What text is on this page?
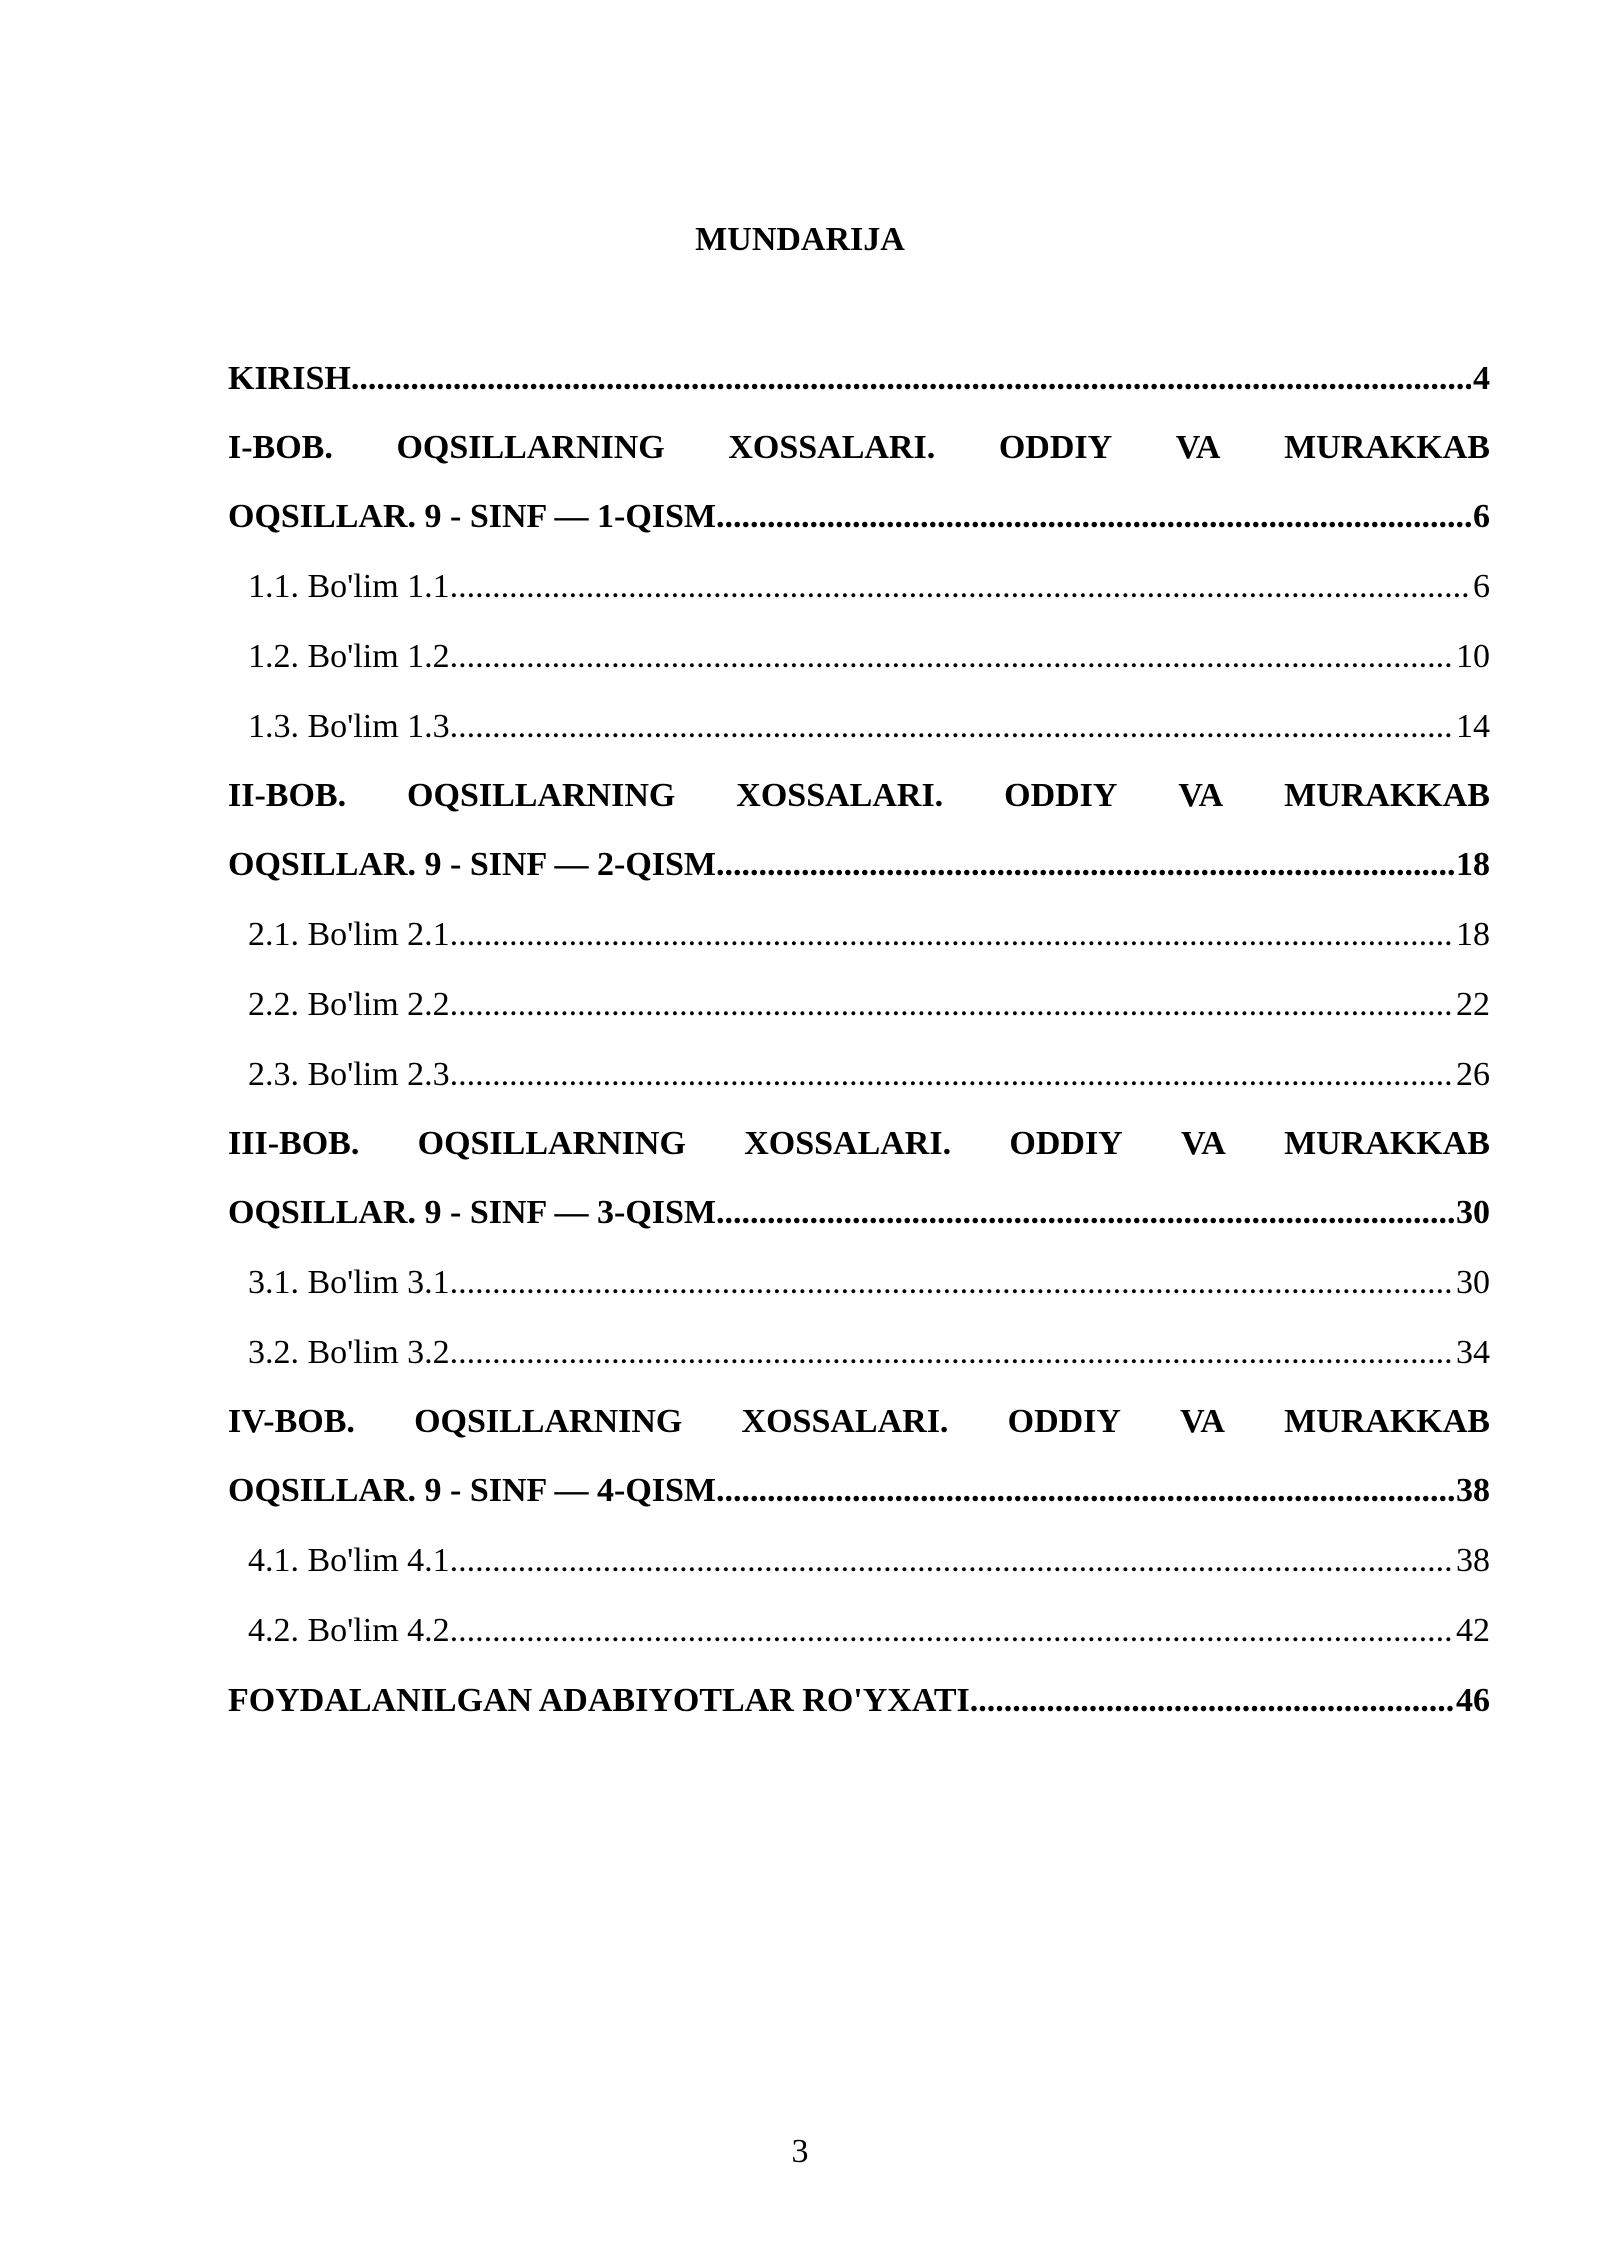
MUNDARIJA
KIRISH .....	4
I-BOB. OQSILLARNING XOSSALARI. ODDIY VA MURAKKAB
OQSILLAR. 9 - SINF — 1-QISM .....	6
1.1. Bo'lim 1.1 .....	6
1.2. Bo'lim 1.2 .....	10
1.3. Bo'lim 1.3 .....	14
II-BOB. OQSILLARNING XOSSALARI. ODDIY VA MURAKKAB
OQSILLAR. 9 - SINF — 2-QISM .....	18
2.1. Bo'lim 2.1 .....	18
2.2. Bo'lim 2.2 .....	22
2.3. Bo'lim 2.3 .....	26
III-BOB. OQSILLARNING XOSSALARI. ODDIY VA MURAKKAB
OQSILLAR. 9 - SINF — 3-QISM .....	30
3.1. Bo'lim 3.1 .....	30
3.2. Bo'lim 3.2 .....	34
IV-BOB. OQSILLARNING XOSSALARI. ODDIY VA MURAKKAB
OQSILLAR. 9 - SINF — 4-QISM .....	38
4.1. Bo'lim 4.1 .....	38
4.2. Bo'lim 4.2 .....	42
FOYDALANILGAN ADABIYOTLAR RO'YXATI .....	46
3
